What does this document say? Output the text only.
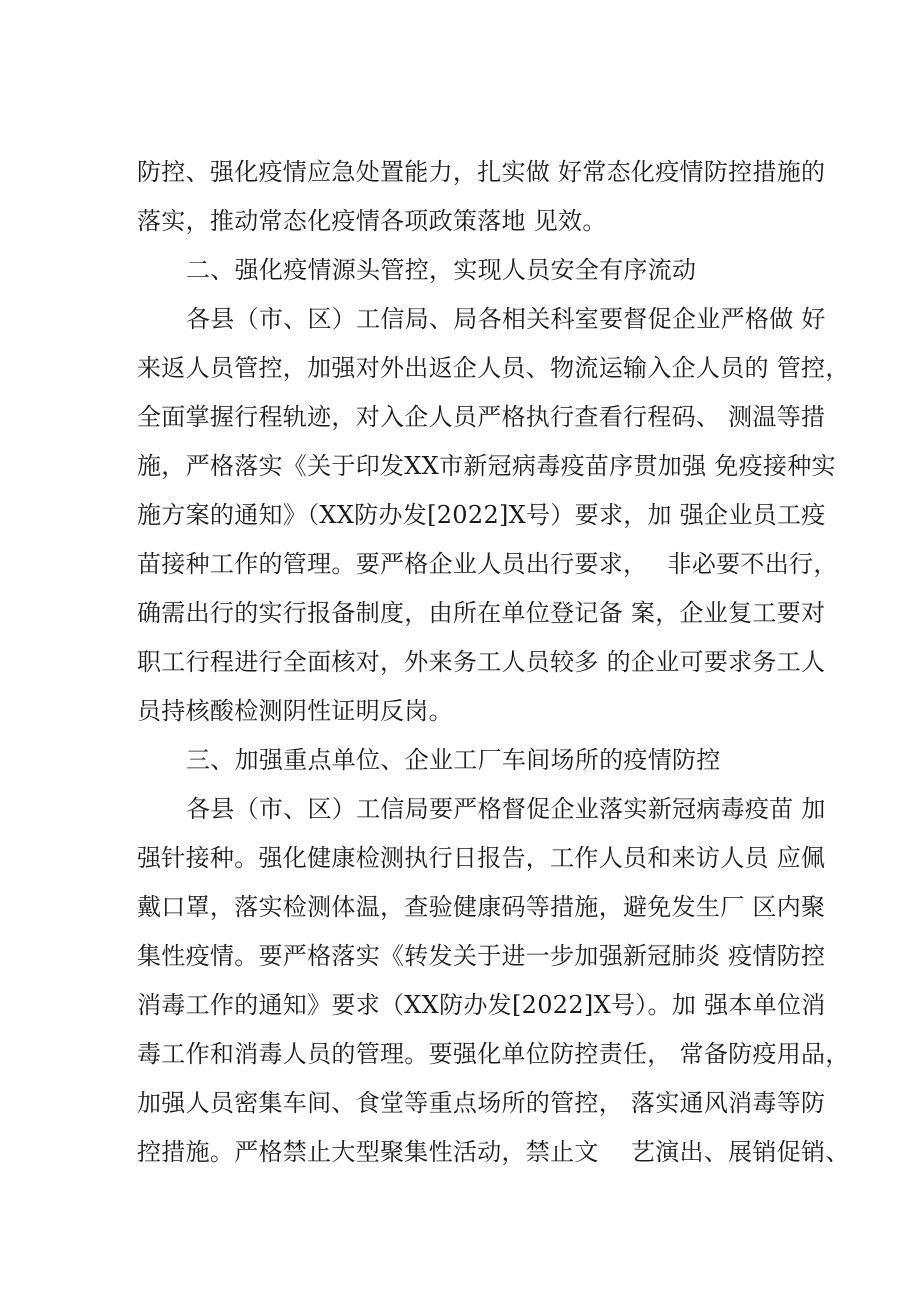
防控、强化疫情应急处置能力，扎实做 好常态化疫情防控措施的
落实，推动常态化疫情各项政策落地 见效。
二、强化疫情源头管控，实现人员安全有序流动
各县（市、区）工信局、局各相关科室要督促企业严格做 好
来返人员管控，加强对外出返企人员、物流运输入企人员的 管控，
全面掌握行程轨迹，对入企人员严格执行查看行程码、 测温等措
施，严格落实《关于印发XX市新冠病毒疫苗序贯加强 免疫接种实
施方案的通知》（XX防办发[2022]X号）要求，加 强企业员工疫
苗接种工作的管理。要严格企业人员出行要求，　 非必要不出行，
确需出行的实行报备制度，由所在单位登记备 案，企业复工要对
职工行程进行全面核对，外来务工人员较多 的企业可要求务工人
员持核酸检测阴性证明反岗。
三、加强重点单位、企业工厂车间场所的疫情防控
各县（市、区）工信局要严格督促企业落实新冠病毒疫苗 加
强针接种。强化健康检测执行日报告，工作人员和来访人员 应佩
戴口罩，落实检测体温，查验健康码等措施，避免发生厂 区内聚
集性疫情。要严格落实《转发关于进一步加强新冠肺炎 疫情防控
消毒工作的通知》要求（XX防办发[2022]X号）。加 强本单位消
毒工作和消毒人员的管理。要强化单位防控责任， 常备防疫用品，
加强人员密集车间、食堂等重点场所的管控， 落实通风消毒等防
控措施。严格禁止大型聚集性活动，禁止文　 艺演出、展销促销、
